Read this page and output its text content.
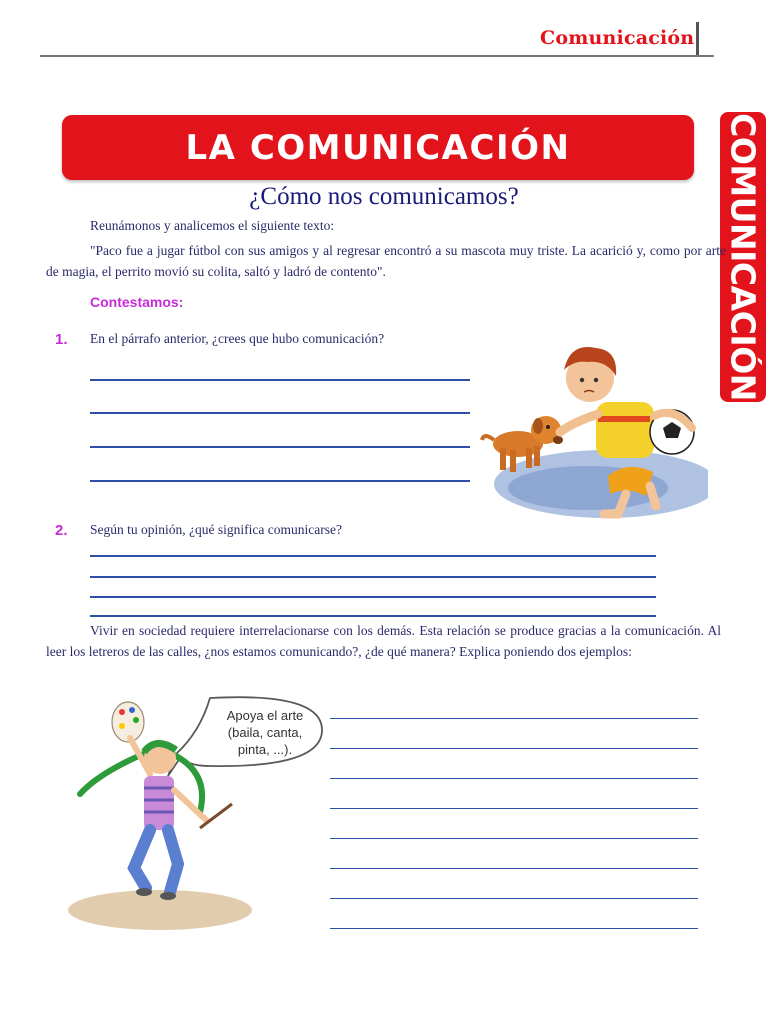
Comunicación
COMUNICACIÓN
LA COMUNICACIÓN
¿Cómo nos comunicamos?
Reunámonos y analicemos el siguiente texto:
"Paco fue a jugar fútbol con sus amigos y al regresar encontró a su mascota muy triste. La acarició y, como por arte de magia, el perrito movió su colita, saltó y ladró de contento".
Contestamos:
1. En el párrafo anterior, ¿crees que hubo comunicación?
2. Según tu opinión, ¿qué significa comunicarse?
Vivir en sociedad requiere interrelacionarse con los demás. Esta relación se produce gracias a la comunicación. Al leer los letreros de las calles, ¿nos estamos comunicando?, ¿de qué manera? Explica poniendo dos ejemplos:
Apoya el arte
(baila, canta,
pinta, ...).
